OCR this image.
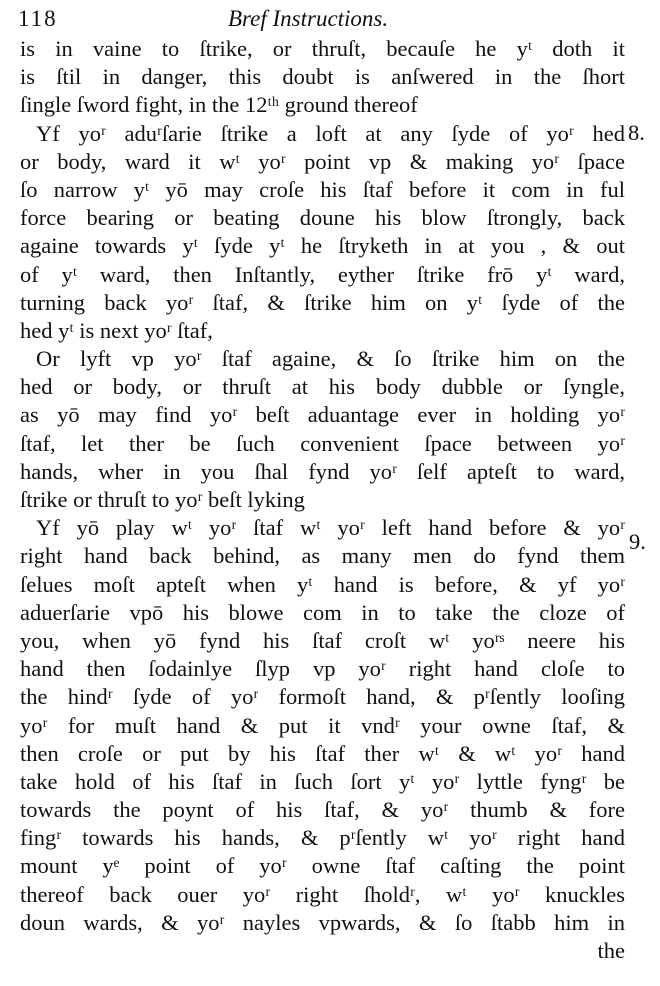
118	Bref Instructions.
is in vaine to ſtrike, or thruſt, becauſe he yᵗ doth it
is ſtil in danger, this doubt is anſwered in the ſhort
ſingle ſword fight, in the 12ᵗʰ ground thereof
Yf yoʳ aduʳſarie ſtrike a loft at any ſyde of yoʳ hed
or body, ward it wᵗ yoʳ point vp & making yoʳ ſpace
ſo narrow yᵗ yō may croſe his ſtaf before it com in ful
force bearing or beating doune his blow ſtrongly, back
againe towards yᵗ ſyde yᵗ he ſtryketh in at you , & out
of yᵗ ward, then Inſtantly, eyther ſtrike frō yᵗ ward,
turning back yoʳ ſtaf, & ſtrike him on yᵗ ſyde of the
hed yᵗ is next yoʳ ſtaf,
Or lyft vp yoʳ ſtaf againe, & ſo ſtrike him on the
hed or body, or thruſt at his body dubble or ſyngle,
as yō may find yoʳ beſt aduantage ever in holding yoʳ
ſtaf, let ther be ſuch convenient ſpace between yoʳ
hands, wher in you ſhal fynd yoʳ ſelf apteſt to ward,
ſtrike or thruſt to yoʳ beſt lyking
Yf yō play wᵗ yoʳ ſtaf wᵗ yoʳ left hand before & yoʳ
right hand back behind, as many men do fynd them
ſelues moſt apteſt when yᵗ hand is before, & yf yoʳ
aduerſarie vpō his blowe com in to take the cloze of
you, when yō fynd his ſtaf croſt wᵗ yoʳˢ neere his
hand then ſodainlye ſlyp vp yoʳ right hand cloſe to
the hindʳ ſyde of yoʳ formoſt hand, & pʳſently looſing
yoʳ for muſt hand & put it vndʳ your owne ſtaf, &
then croſe or put by his ſtaf ther wᵗ & wᵗ yoʳ hand
take hold of his ſtaf in ſuch ſort yᵗ yoʳ lyttle fyngʳ be
towards the poynt of his ſtaf, & yoʳ thumb & fore
fingʳ towards his hands, & pʳſently wᵗ yoʳ right hand
mount yᵉ point of yoʳ owne ſtaf caſting the point
thereof back ouer yoʳ right ſholdʳ, wᵗ yoʳ knuckles
doun wards, & yoʳ nayles vpwards, & ſo ſtabb him in
the
8.
9.
